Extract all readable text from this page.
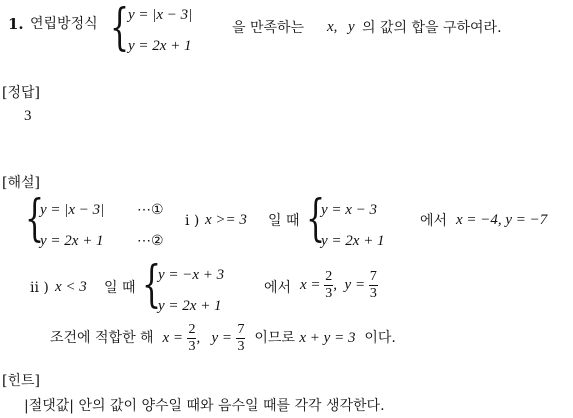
1. 연립방정식 {
y = |x − 3|
y = 2x + 1
을 만족하는 x, y 의 값의 합을 구하여라.
[정답]
3
[해설]
{
y = |x − 3|
y = 2x + 1
⋯①
⋯②
i ) x >= 3 일 때 {
y = x − 3
y = 2x + 1
에서 x = −4, y = −7
ii ) x < 3 일 때 {
y = −x + 3
y = 2x + 1
에서 x =
$\frac{2}{3}$ ,  y =
$\frac{7}{3}$
조건에 적합한 해
x =
$\frac{2}{3}$ ,   y =
$\frac{7}{3}$
이므로
x + y = 3
이다.
[힌트]
|절댓값| 안의 값이 양수일 때와 음수일 때를 각각 생각한다.
